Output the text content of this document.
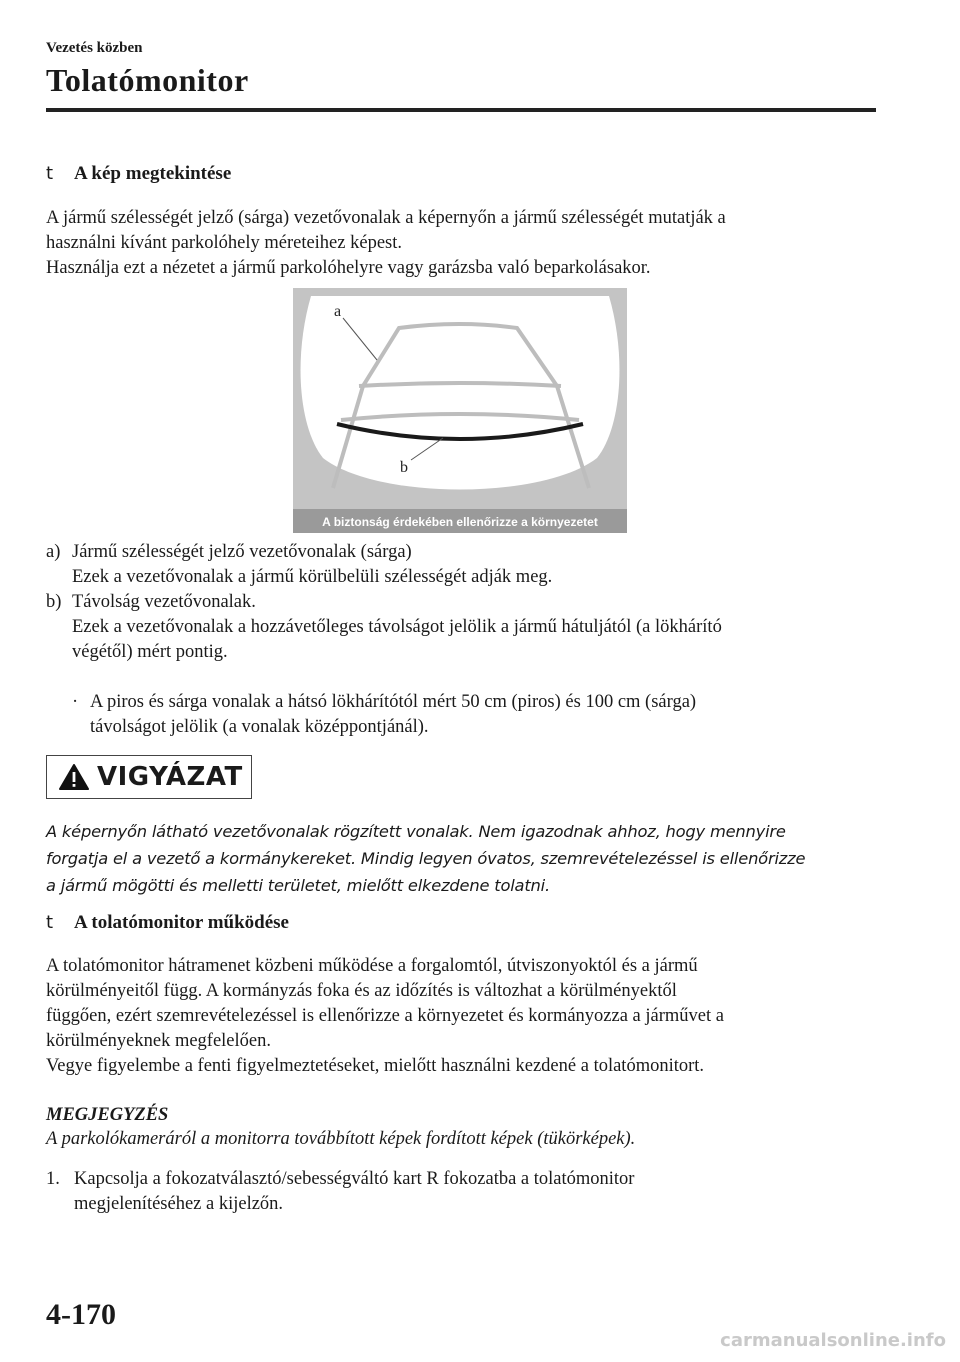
Vezetés közben
Tolatómonitor
t	A kép megtekintése

A jármű szélességét jelző (sárga) vezetővonalak a képernyőn a jármű szélességét mutatják a

használni kívánt parkolóhely méreteihez képest.

Használja ezt a nézetet a jármű parkolóhelyre vagy garázsba való beparkolásakor.

a
b
A biztonság érdekében ellenőrizze a környezetet
a) Jármű szélességét jelző vezetővonalak (sárga)
Ezek a vezetővonalak a jármű körülbelüli szélességét adják meg.
b) Távolság vezetővonalak.
Ezek a vezetővonalak a hozzávetőleges távolságot jelölik a jármű hátuljától (a lökhárító
végétől) mért pontig.
· A piros és sárga vonalak a hátsó lökhárítótól mért 50 cm (piros) és 100 cm (sárga)
távolságot jelölik (a vonalak középpontjánál).
VIGYÁZAT
A képernyőn látható vezetővonalak rögzített vonalak. Nem igazodnak ahhoz, hogy mennyire
forgatja el a vezető a kormánykereket. Mindig legyen óvatos, szemrevételezéssel is ellenőrizze
a jármű mögötti és melletti területet, mielőtt elkezdene tolatni.
t	A tolatómonitor működése

A tolatómonitor hátramenet közbeni működése a forgalomtól, útviszonyoktól és a jármű

körülményeitől függ. A kormányzás foka és az időzítés is változhat a körülményektől

függően, ezért szemrevételezéssel is ellenőrizze a környezetet és kormányozza a járművet a

körülményeknek megfelelően.

Vegye figyelembe a fenti figyelmeztetéseket, mielőtt használni kezdené a tolatómonitort.

MEGJEGYZÉS
A parkolókameráról a monitorra továbbított képek fordított képek (tükörképek).
1. Kapcsolja a fokozatválasztó/sebességváltó kart R fokozatba a tolatómonitor
megjelenítéséhez a kijelzőn.
4-170
carmanualsonline.info
